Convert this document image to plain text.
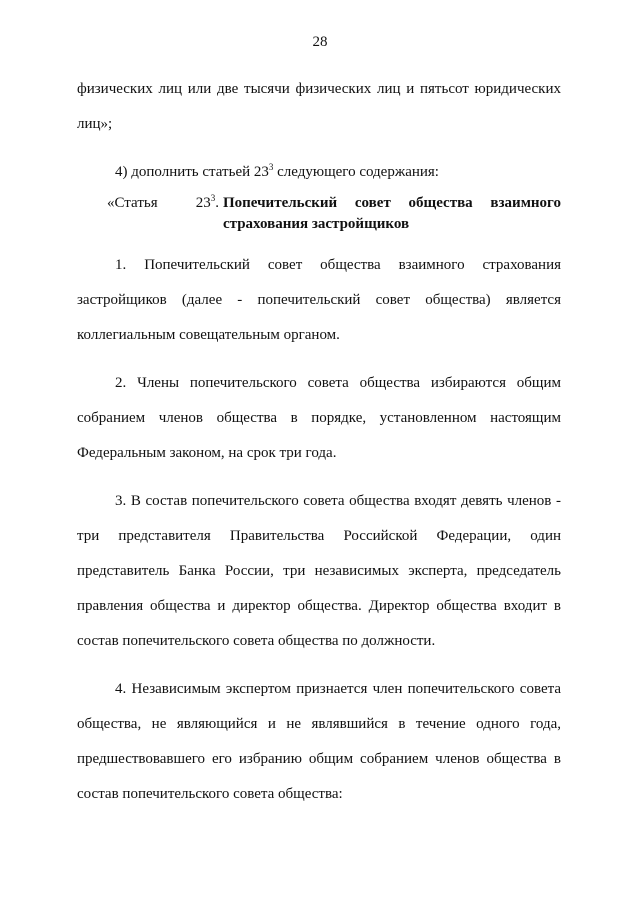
28

физических лиц или две тысячи физических лиц и пятьсот юридических лиц»;

4) дополнить статьей $23^3$ следующего содержания:

«Статья	$23^3$. Попечительский совет общества взаимного
страхования застройщиков

1. Попечительский совет общества взаимного страхования застройщиков (далее - попечительский совет общества) является коллегиальным совещательным органом.

2. Члены попечительского совета общества избираются общим собранием членов общества в порядке, установленном настоящим Федеральным законом, на срок три года.

3. В состав попечительского совета общества входят девять членов - три представителя Правительства Российской Федерации, один представитель Банка России, три независимых эксперта, председатель правления общества и директор общества. Директор общества входит в состав попечительского совета общества по должности.

4. Независимым экспертом признается член попечительского совета общества, не являющийся и не являвшийся в течение одного года, предшествовавшего его избранию общим собранием членов общества в состав попечительского совета общества:
